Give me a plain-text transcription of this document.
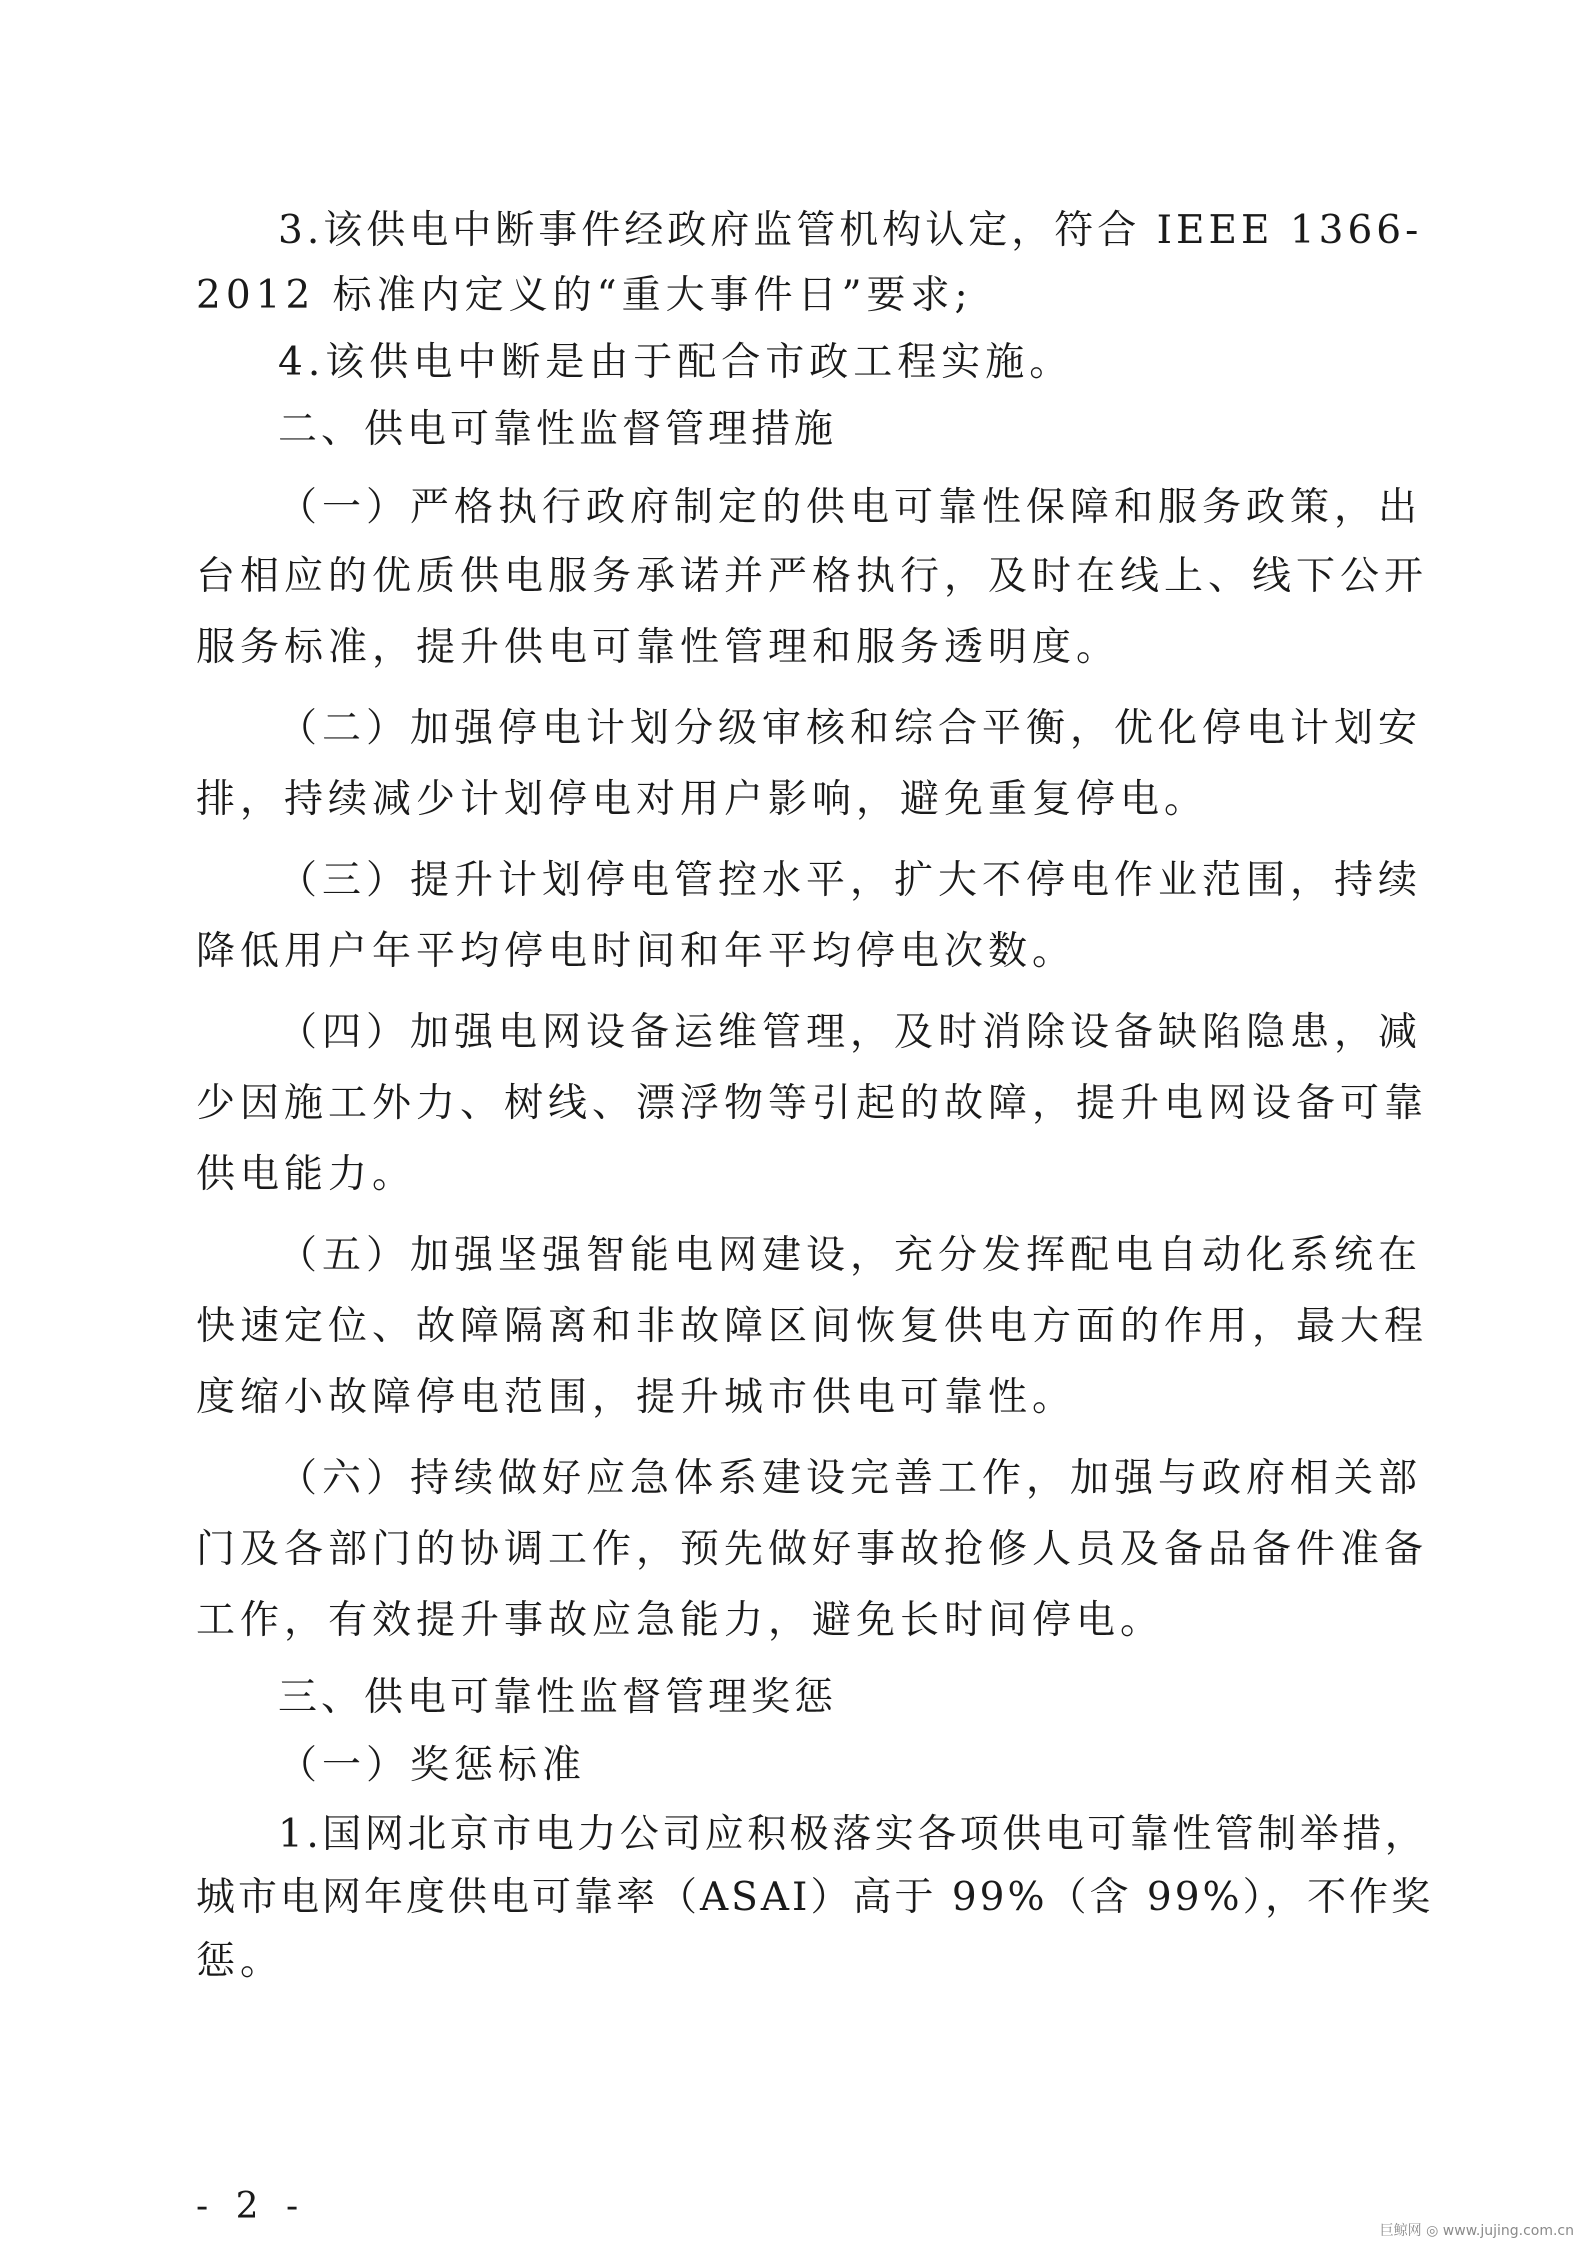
3.该供电中断事件经政府监管机构认定，符合 IEEE 1366-
2012 标准内定义的“重大事件日”要求;
4.该供电中断是由于配合市政工程实施。
二、供电可靠性监督管理措施
（一）严格执行政府制定的供电可靠性保障和服务政策，出
台相应的优质供电服务承诺并严格执行，及时在线上、线下公开
服务标准，提升供电可靠性管理和服务透明度。
（二）加强停电计划分级审核和综合平衡，优化停电计划安
排，持续减少计划停电对用户影响，避免重复停电。
（三）提升计划停电管控水平，扩大不停电作业范围，持续
降低用户年平均停电时间和年平均停电次数。
（四）加强电网设备运维管理，及时消除设备缺陷隐患，减
少因施工外力、树线、漂浮物等引起的故障，提升电网设备可靠
供电能力。
（五）加强坚强智能电网建设，充分发挥配电自动化系统在
快速定位、故障隔离和非故障区间恢复供电方面的作用，最大程
度缩小故障停电范围，提升城市供电可靠性。
（六）持续做好应急体系建设完善工作，加强与政府相关部
门及各部门的协调工作，预先做好事故抢修人员及备品备件准备
工作，有效提升事故应急能力，避免长时间停电。
三、供电可靠性监督管理奖惩
（一）奖惩标准
1.国网北京市电力公司应积极落实各项供电可靠性管制举措，
城市电网年度供电可靠率（ASAI）高于 99%（含 99%），不作奖
惩。
- 2 -
巨鲸网 ◎ www.jujing.com.cn
